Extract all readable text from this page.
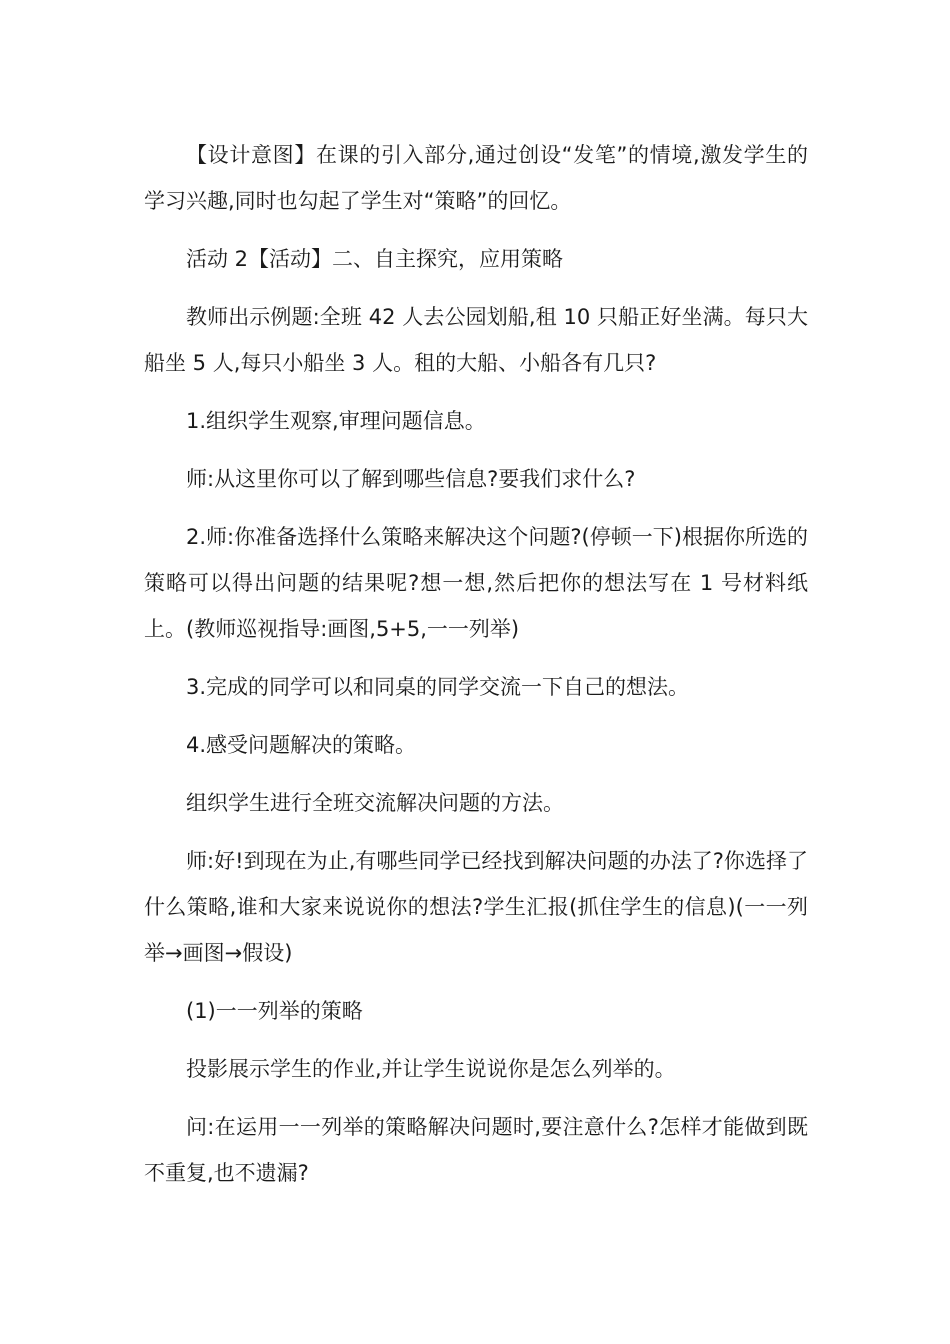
【设计意图】在课的引入部分,通过创设“发笔”的情境,激发学生的学习兴趣,同时也勾起了学生对“策略”的回忆。

活动 2【活动】二、自主探究，应用策略

教师出示例题:全班 42 人去公园划船,租 10 只船正好坐满。每只大船坐 5 人,每只小船坐 3 人。租的大船、小船各有几只?

1.组织学生观察,审理问题信息。

师:从这里你可以了解到哪些信息?要我们求什么?

2.师:你准备选择什么策略来解决这个问题?(停顿一下)根据你所选的策略可以得出问题的结果呢?想一想,然后把你的想法写在 1 号材料纸上。(教师巡视指导:画图,5+5,一一列举)

3.完成的同学可以和同桌的同学交流一下自己的想法。

4.感受问题解决的策略。

组织学生进行全班交流解决问题的方法。

师:好!到现在为止,有哪些同学已经找到解决问题的办法了?你选择了什么策略,谁和大家来说说你的想法?学生汇报(抓住学生的信息)(一一列举→画图→假设)

(1)一一列举的策略

投影展示学生的作业,并让学生说说你是怎么列举的。

问:在运用一一列举的策略解决问题时,要注意什么?怎样才能做到既不重复,也不遗漏?
